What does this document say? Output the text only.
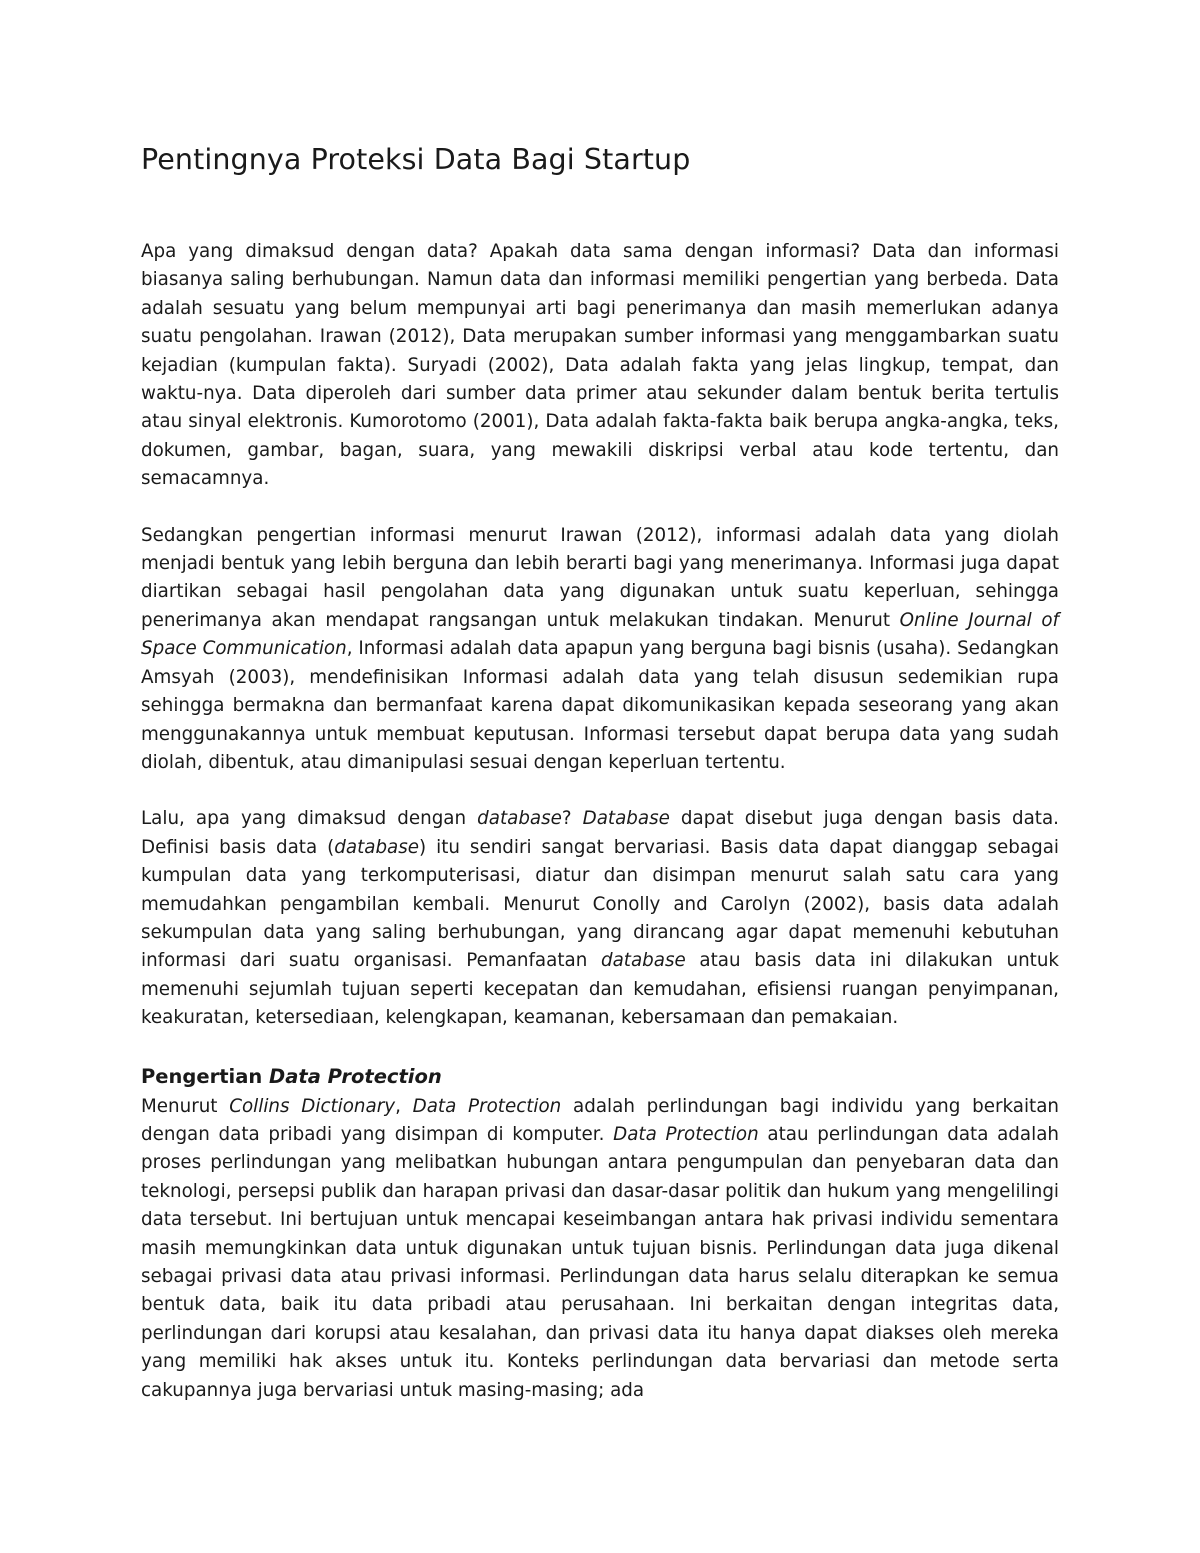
Pentingnya Proteksi Data Bagi Startup

Apa yang dimaksud dengan data? Apakah data sama dengan informasi? Data dan informasi biasanya saling berhubungan. Namun data dan informasi memiliki pengertian yang berbeda. Data adalah sesuatu yang belum mempunyai arti bagi penerimanya dan masih memerlukan adanya suatu pengolahan. Irawan (2012), Data merupakan sumber informasi yang menggambarkan suatu kejadian (kumpulan fakta). Suryadi (2002), Data adalah fakta yang jelas lingkup, tempat, dan waktu-nya. Data diperoleh dari sumber data primer atau sekunder dalam bentuk berita tertulis atau sinyal elektronis. Kumorotomo (2001), Data adalah fakta-fakta baik berupa angka-angka, teks, dokumen, gambar, bagan, suara, yang mewakili diskripsi verbal atau kode tertentu, dan semacamnya.

Sedangkan pengertian informasi menurut Irawan (2012), informasi adalah data yang diolah menjadi bentuk yang lebih berguna dan lebih berarti bagi yang menerimanya. Informasi juga dapat diartikan sebagai hasil pengolahan data yang digunakan untuk suatu keperluan, sehingga penerimanya akan mendapat rangsangan untuk melakukan tindakan. Menurut Online Journal of Space Communication, Informasi adalah data apapun yang berguna bagi bisnis (usaha). Sedangkan Amsyah (2003), mendefinisikan Informasi adalah data yang telah disusun sedemikian rupa sehingga bermakna dan bermanfaat karena dapat dikomunikasikan kepada seseorang yang akan menggunakannya untuk membuat keputusan. Informasi tersebut dapat berupa data yang sudah diolah, dibentuk, atau dimanipulasi sesuai dengan keperluan tertentu.

Lalu, apa yang dimaksud dengan database? Database dapat disebut juga dengan basis data. Definisi basis data (database) itu sendiri sangat bervariasi. Basis data dapat dianggap sebagai kumpulan data yang terkomputerisasi, diatur dan disimpan menurut salah satu cara yang memudahkan pengambilan kembali. Menurut Conolly and Carolyn (2002), basis data adalah sekumpulan data yang saling berhubungan, yang dirancang agar dapat memenuhi kebutuhan informasi dari suatu organisasi. Pemanfaatan database atau basis data ini dilakukan untuk memenuhi sejumlah tujuan seperti kecepatan dan kemudahan, efisiensi ruangan penyimpanan, keakuratan, ketersediaan, kelengkapan, keamanan, kebersamaan dan pemakaian.

Pengertian Data Protection

Menurut Collins Dictionary, Data Protection adalah perlindungan bagi individu yang berkaitan dengan data pribadi yang disimpan di komputer. Data Protection atau perlindungan data adalah proses perlindungan yang melibatkan hubungan antara pengumpulan dan penyebaran data dan teknologi, persepsi publik dan harapan privasi dan dasar-dasar politik dan hukum yang mengelilingi data tersebut. Ini bertujuan untuk mencapai keseimbangan antara hak privasi individu sementara masih memungkinkan data untuk digunakan untuk tujuan bisnis. Perlindungan data juga dikenal sebagai privasi data atau privasi informasi. Perlindungan data harus selalu diterapkan ke semua bentuk data, baik itu data pribadi atau perusahaan. Ini berkaitan dengan integritas data, perlindungan dari korupsi atau kesalahan, dan privasi data itu hanya dapat diakses oleh mereka yang memiliki hak akses untuk itu. Konteks perlindungan data bervariasi dan metode serta cakupannya juga bervariasi untuk masing-masing; ada
